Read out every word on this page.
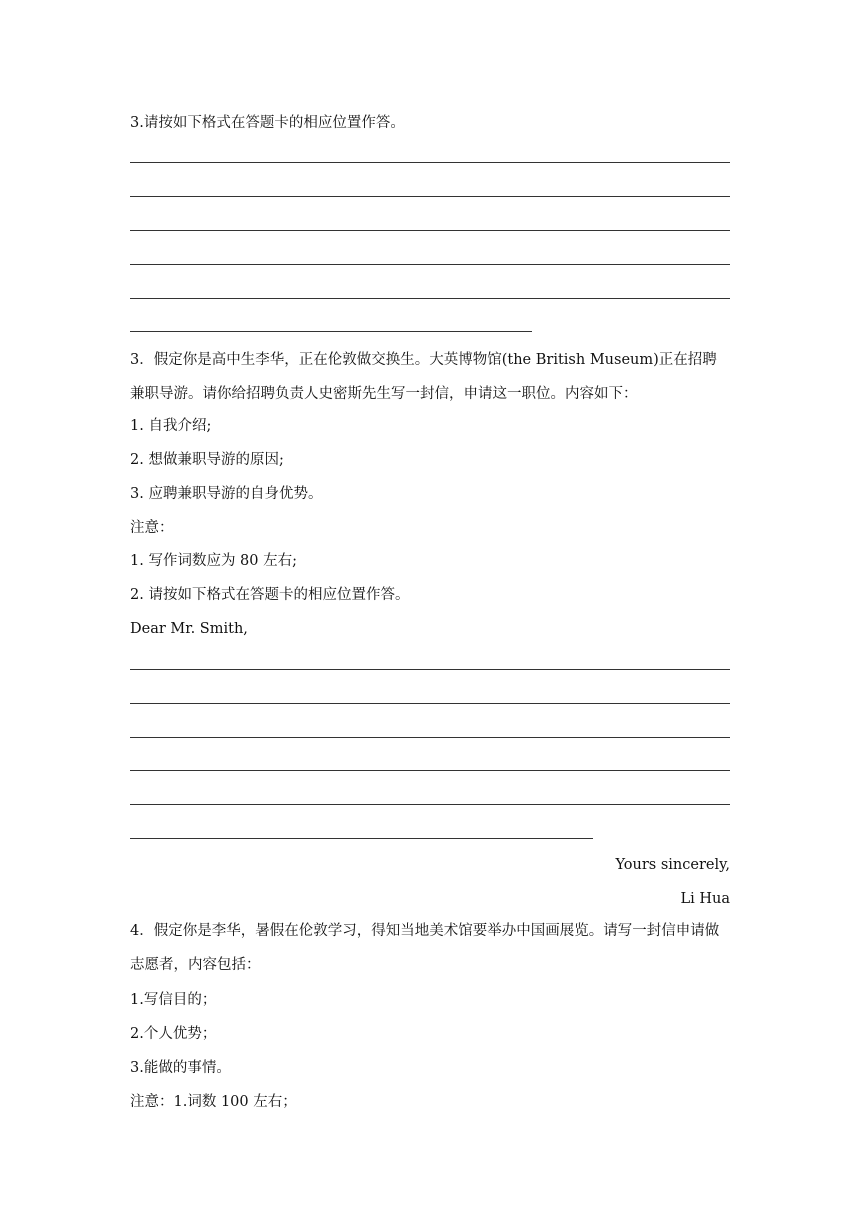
3.请按如下格式在答题卡的相应位置作答。
3．假定你是高中生李华，正在伦敦做交换生。大英博物馆(the British Museum)正在招聘兼职导游。请你给招聘负责人史密斯先生写一封信，申请这一职位。内容如下：
1. 自我介绍;
2. 想做兼职导游的原因;
3. 应聘兼职导游的自身优势。
注意：
1. 写作词数应为 80 左右;
2. 请按如下格式在答题卡的相应位置作答。
Dear Mr. Smith,
Yours sincerely,
Li Hua
4．假定你是李华，暑假在伦敦学习，得知当地美术馆要举办中国画展览。请写一封信申请做志愿者，内容包括：
1.写信目的；
2.个人优势；
3.能做的事情。
注意：1.词数 100 左右；
